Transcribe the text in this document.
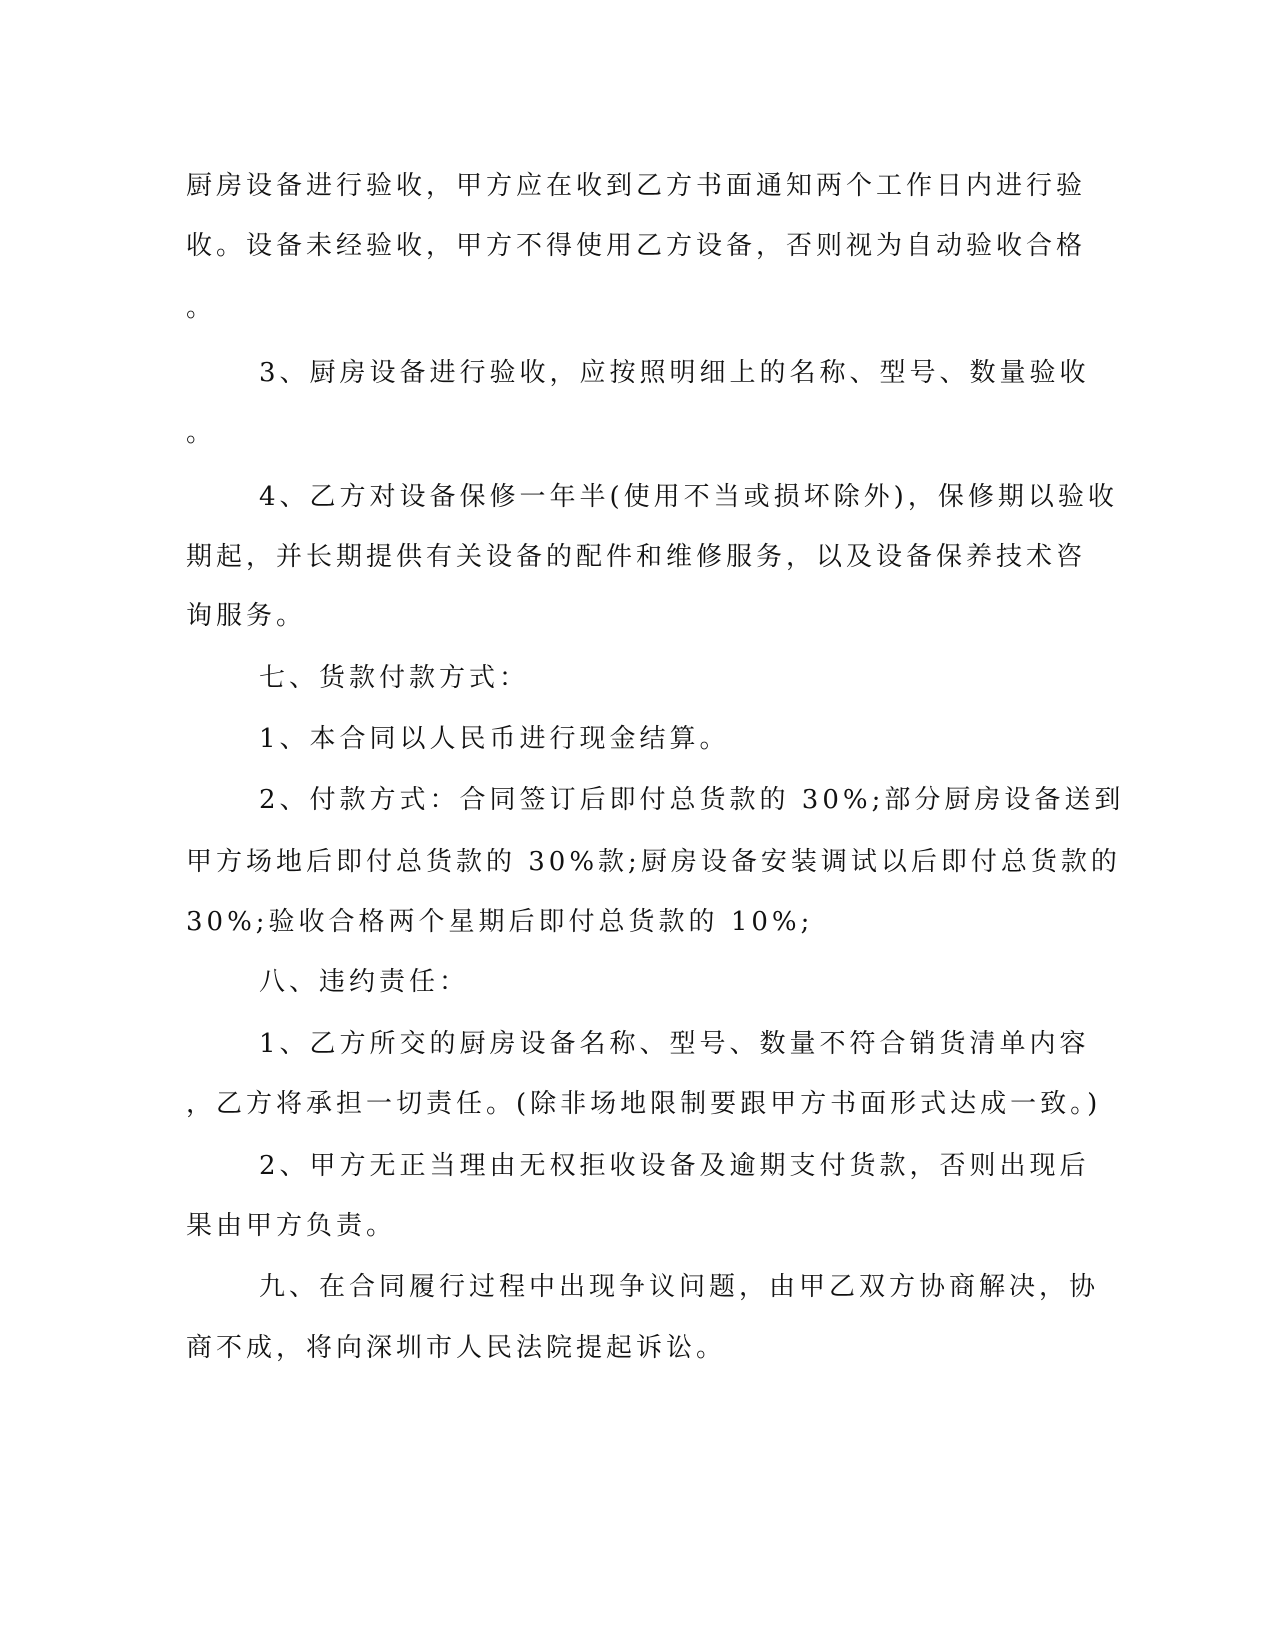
厨房设备进行验收，甲方应在收到乙方书面通知两个工作日内进行验
收。设备未经验收，甲方不得使用乙方设备，否则视为自动验收合格
。
3、厨房设备进行验收，应按照明细上的名称、型号、数量验收
。
4、乙方对设备保修一年半(使用不当或损坏除外)，保修期以验收
期起，并长期提供有关设备的配件和维修服务，以及设备保养技术咨
询服务。
七、货款付款方式：
1、本合同以人民币进行现金结算。
2、付款方式：合同签订后即付总货款的 30%;部分厨房设备送到
甲方场地后即付总货款的 30%款;厨房设备安装调试以后即付总货款的
30%;验收合格两个星期后即付总货款的 10%;
八、违约责任：
1、乙方所交的厨房设备名称、型号、数量不符合销货清单内容
，乙方将承担一切责任。(除非场地限制要跟甲方书面形式达成一致。)
2、甲方无正当理由无权拒收设备及逾期支付货款，否则出现后
果由甲方负责。
九、在合同履行过程中出现争议问题，由甲乙双方协商解决，协
商不成，将向深圳市人民法院提起诉讼。
